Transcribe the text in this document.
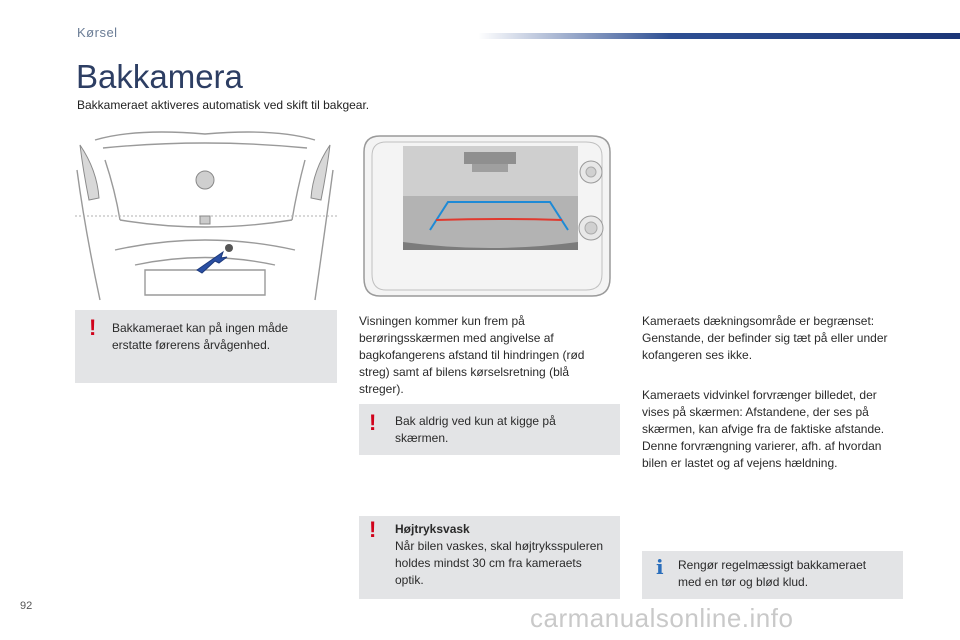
Kørsel
Bakkamera
Bakkameraet aktiveres automatisk ved skift til bakgear.
! Bakkameraet kan på ingen måde
erstatte førerens årvågenhed.
Visningen kommer kun frem på
berøringsskærmen med angivelse af
bagkofangerens afstand til hindringen (rød
streg) samt af bilens kørselsretning (blå
streger).
! Bak aldrig ved kun at kigge på
skærmen.
! Højtryksvask
Når bilen vaskes, skal højtryksspuleren
holdes mindst 30 cm fra kameraets
optik.
Kameraets dækningsområde er begrænset:
Genstande, der befinder sig tæt på eller under
kofangeren ses ikke.
Kameraets vidvinkel forvrænger billedet, der
vises på skærmen: Afstandene, der ses på
skærmen, kan afvige fra de faktiske afstande.
Denne forvrængning varierer, afh. af hvordan
bilen er lastet og af vejens hældning.
i Rengør regelmæssigt bakkameraet
med en tør og blød klud.
92	carmanualsonline.info
